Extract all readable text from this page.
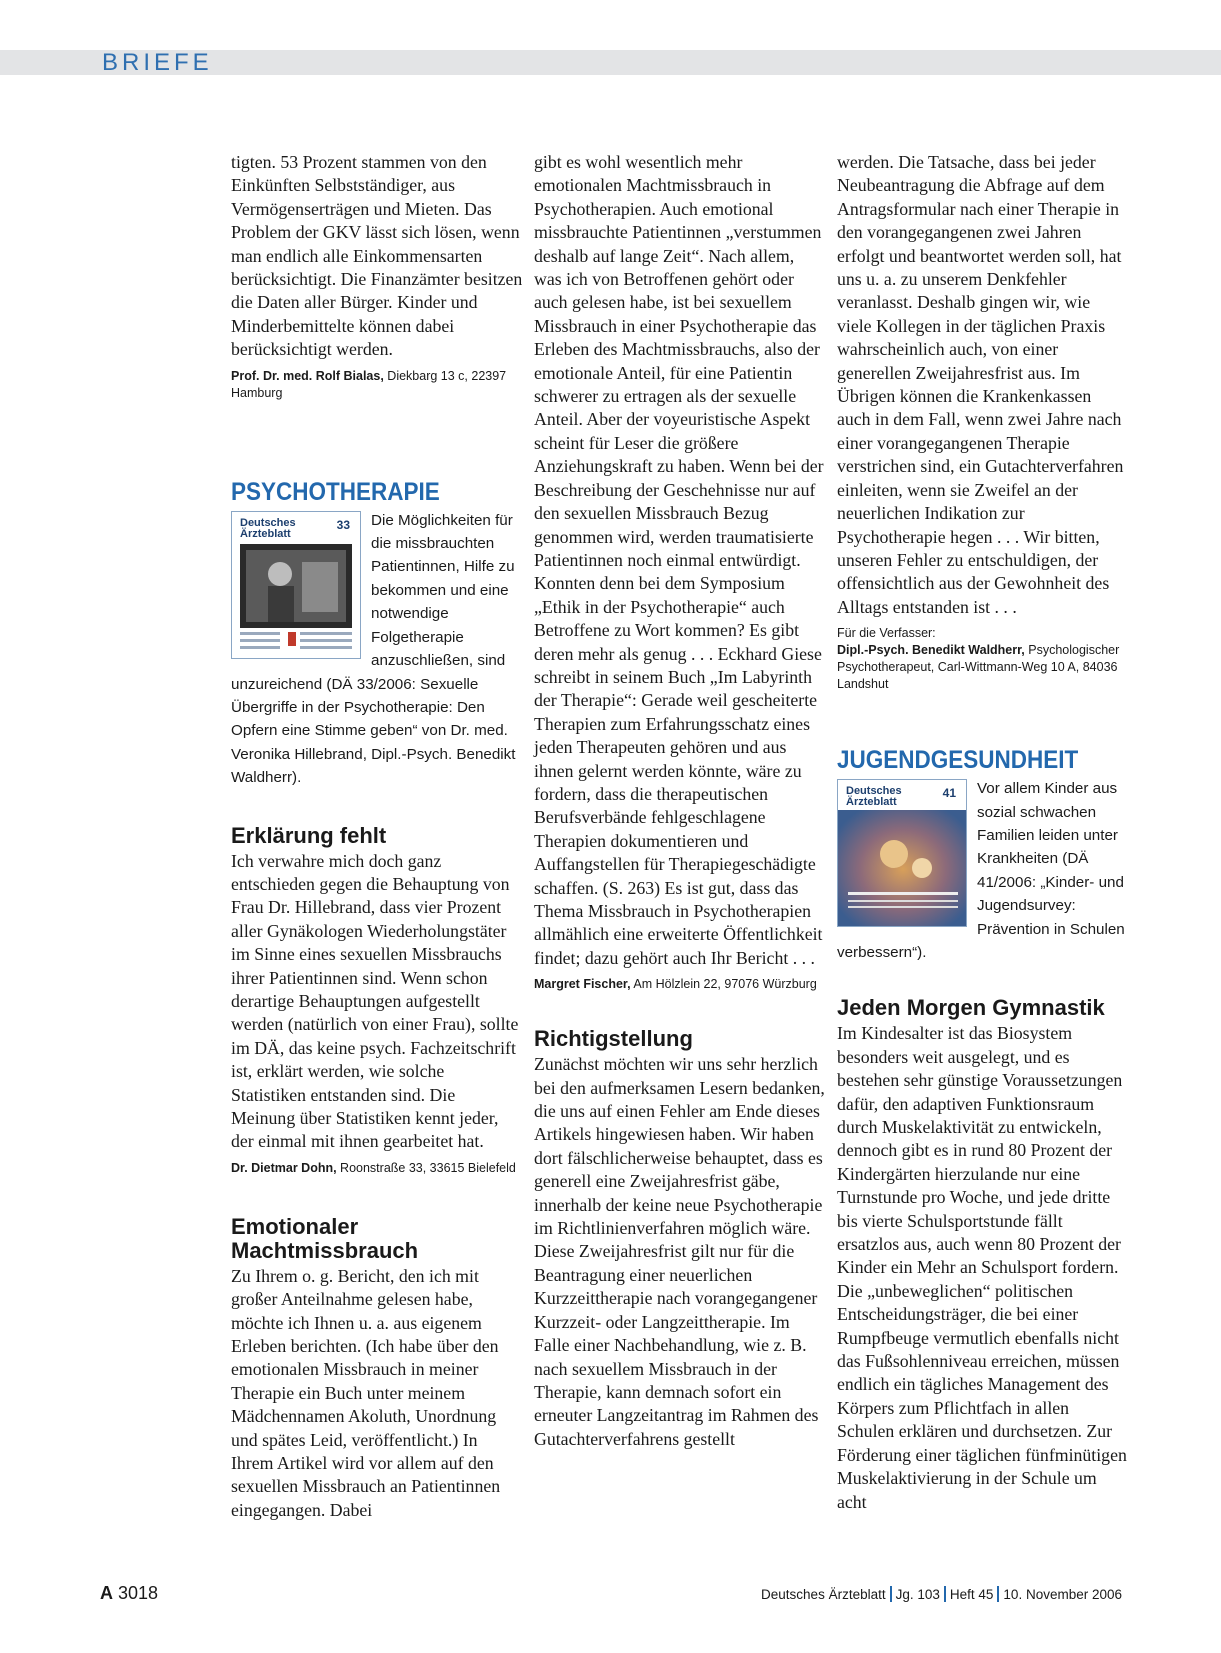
BRIEFE

tigten. 53 Prozent stammen von den Einkünften Selbstständiger, aus Vermögenserträgen und Mieten. Das Problem der GKV lässt sich lösen, wenn man endlich alle Einkommensarten berücksichtigt. Die Finanzämter besitzen die Daten aller Bürger. Kinder und Minderbemittelte können dabei berücksichtigt werden.

Prof. Dr. med. Rolf Bialas, Diekbarg 13 c, 22397 Hamburg

PSYCHOTHERAPIE
Deutsches
Ärzteblatt
33	Die Möglichkeiten für die missbrauchten Patientinnen, Hilfe zu bekommen und eine notwendige Folgetherapie anzuschließen, sind unzureichend (DÄ 33/2006: Sexuelle Übergriffe in der Psychotherapie: Den Opfern eine Stimme geben“ von Dr. med. Veronika Hillebrand, Dipl.-Psych. Benedikt Waldherr).

Erklärung fehlt

Ich verwahre mich doch ganz entschieden gegen die Behauptung von Frau Dr. Hillebrand, dass vier Prozent aller Gynäkologen Wiederholungstäter im Sinne eines sexuellen Missbrauchs ihrer Patientinnen sind. Wenn schon derartige Behauptungen aufgestellt werden (natürlich von einer Frau), sollte im DÄ, das keine psych. Fachzeitschrift ist, erklärt werden, wie solche Statistiken entstanden sind. Die Meinung über Statistiken kennt jeder, der einmal mit ihnen gearbeitet hat.

Dr. Dietmar Dohn, Roonstraße 33, 33615 Bielefeld

Emotionaler Machtmissbrauch

Zu Ihrem o. g. Bericht, den ich mit großer Anteilnahme gelesen habe, möchte ich Ihnen u. a. aus eigenem Erleben berichten. (Ich habe über den emotionalen Missbrauch in meiner Therapie ein Buch unter meinem Mädchennamen Akoluth, Unordnung und spätes Leid, veröffentlicht.) In Ihrem Artikel wird vor allem auf den sexuellen Missbrauch an Patientinnen eingegangen. Dabei

gibt es wohl wesentlich mehr emotionalen Machtmissbrauch in Psychotherapien. Auch emotional missbrauchte Patientinnen „verstummen deshalb auf lange Zeit“. Nach allem, was ich von Betroffenen gehört oder auch gelesen habe, ist bei sexuellem Missbrauch in einer Psychotherapie das Erleben des Machtmissbrauchs, also der emotionale Anteil, für eine Patientin schwerer zu ertragen als der sexuelle Anteil. Aber der voyeuristische Aspekt scheint für Leser die größere Anziehungskraft zu haben. Wenn bei der Beschreibung der Geschehnisse nur auf den sexuellen Missbrauch Bezug genommen wird, werden traumatisierte Patientinnen noch einmal entwürdigt. Konnten denn bei dem Symposium „Ethik in der Psychotherapie“ auch Betroffene zu Wort kommen? Es gibt deren mehr als genug . . . Eckhard Giese schreibt in seinem Buch „Im Labyrinth der Therapie“: Gerade weil gescheiterte Therapien zum Erfahrungsschatz eines jeden Therapeuten gehören und aus ihnen gelernt werden könnte, wäre zu fordern, dass die therapeutischen Berufsverbände fehlgeschlagene Therapien dokumentieren und Auffangstellen für Therapiegeschädigte schaffen. (S. 263) Es ist gut, dass das Thema Missbrauch in Psychotherapien allmählich eine erweiterte Öffentlichkeit findet; dazu gehört auch Ihr Bericht . . .

Margret Fischer, Am Hölzlein 22, 97076 Würzburg

Richtigstellung

Zunächst möchten wir uns sehr herzlich bei den aufmerksamen Lesern bedanken, die uns auf einen Fehler am Ende dieses Artikels hingewiesen haben. Wir haben dort fälschlicherweise behauptet, dass es generell eine Zweijahresfrist gäbe, innerhalb der keine neue Psychotherapie im Richtlinienverfahren möglich wäre. Diese Zweijahresfrist gilt nur für die Beantragung einer neuerlichen Kurzzeittherapie nach vorangegangener Kurzzeit- oder Langzeittherapie. Im Falle einer Nachbehandlung, wie z. B. nach sexuellem Missbrauch in der Therapie, kann demnach sofort ein erneuter Langzeitantrag im Rahmen des Gutachterverfahrens gestellt

werden. Die Tatsache, dass bei jeder Neubeantragung die Abfrage auf dem Antragsformular nach einer Therapie in den vorangegangenen zwei Jahren erfolgt und beantwortet werden soll, hat uns u. a. zu unserem Denkfehler veranlasst. Deshalb gingen wir, wie viele Kollegen in der täglichen Praxis wahrscheinlich auch, von einer generellen Zweijahresfrist aus. Im Übrigen können die Krankenkassen auch in dem Fall, wenn zwei Jahre nach einer vorangegangenen Therapie verstrichen sind, ein Gutachterverfahren einleiten, wenn sie Zweifel an der neuerlichen Indikation zur Psychotherapie hegen . . . Wir bitten, unseren Fehler zu entschuldigen, der offensichtlich aus der Gewohnheit des Alltags entstanden ist . . .

Für die Verfasser:
Dipl.-Psych. Benedikt Waldherr, Psychologischer Psychotherapeut, Carl-Wittmann-Weg 10 A, 84036 Landshut

JUGENDGESUNDHEIT
Deutsches
Ärzteblatt
41	Vor allem Kinder aus sozial schwachen Familien leiden unter Krankheiten (DÄ 41/2006: „Kinder- und Jugendsurvey: Prävention in Schulen verbessern“).

Jeden Morgen Gymnastik

Im Kindesalter ist das Biosystem besonders weit ausgelegt, und es bestehen sehr günstige Voraussetzungen dafür, den adaptiven Funktionsraum durch Muskelaktivität zu entwickeln, dennoch gibt es in rund 80 Prozent der Kindergärten hierzulande nur eine Turnstunde pro Woche, und jede dritte bis vierte Schulsportstunde fällt ersatzlos aus, auch wenn 80 Prozent der Kinder ein Mehr an Schulsport fordern. Die „unbeweglichen“ politischen Entscheidungsträger, die bei einer Rumpfbeuge vermutlich ebenfalls nicht das Fußsohlenniveau erreichen, müssen endlich ein tägliches Management des Körpers zum Pflichtfach in allen Schulen erklären und durchsetzen. Zur Förderung einer täglichen fünfminütigen Muskelaktivierung in der Schule um acht

A 3018	Deutsches Ärzteblatt Jg. 103 Heft 45 10. November 2006
